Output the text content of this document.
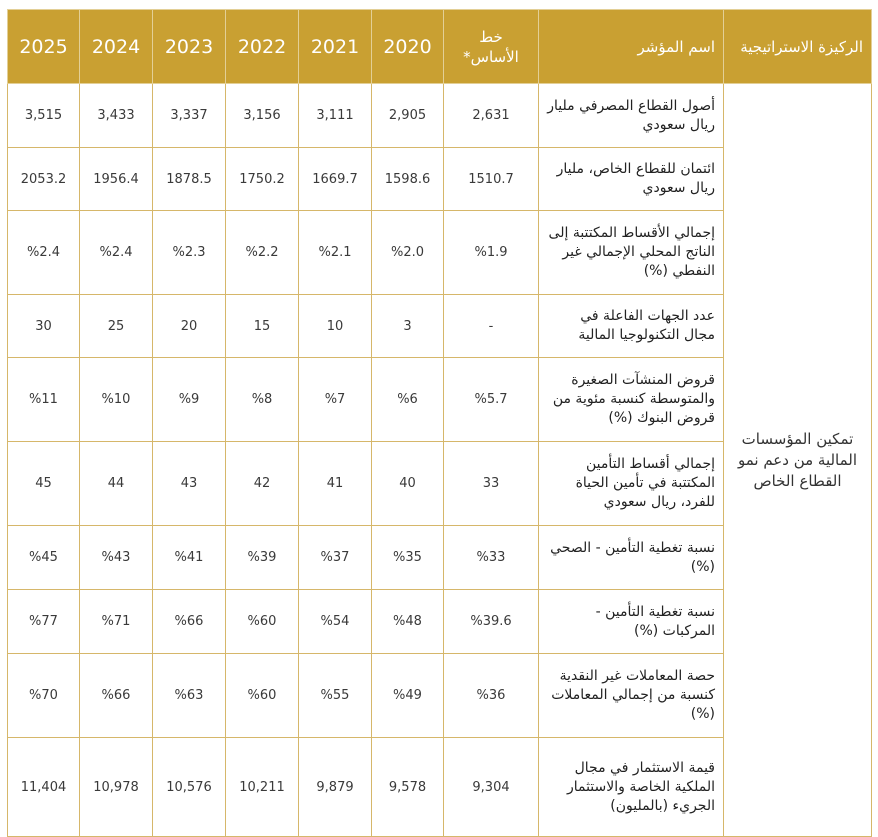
الركيزة الاستراتيجية	اسم المؤشر	خط الأساس*	2020	2021	2022	2023	2024	2025
تمكين المؤسسات المالية من دعم نمو القطاع الخاص	أصول القطاع المصرفي مليار ريال سعودي	2,631	2,905	3,111	3,156	3,337	3,433	3,515
	ائتمان للقطاع الخاص، مليار ريال سعودي	1510.7	1598.6	1669.7	1750.2	1878.5	1956.4	2053.2
	إجمالي الأقساط المكتتبة إلى الناتج المحلي الإجمالي غير النفطي (%)	%1.9	%2.0	%2.1	%2.2	%2.3	%2.4	%2.4
	عدد الجهات الفاعلة في مجال التكنولوجيا المالية	-	3	10	15	20	25	30
	قروض المنشآت الصغيرة والمتوسطة كنسبة مئوية من قروض البنوك (%)	%5.7	%6	%7	%8	%9	%10	%11
	إجمالي أقساط التأمين المكتتبة في تأمين الحياة للفرد، ريال سعودي	33	40	41	42	43	44	45
	نسبة تغطية التأمين - الصحي (%)	%33	%35	%37	%39	%41	%43	%45
	نسبة تغطية التأمين - المركبات (%)	%39.6	%48	%54	%60	%66	%71	%77
	حصة المعاملات غير النقدية كنسبة من إجمالي المعاملات (%)	%36	%49	%55	%60	%63	%66	%70
	قيمة الاستثمار في مجال الملكية الخاصة والاستثمار الجريء (بالمليون)	9,304	9,578	9,879	10,211	10,576	10,978	11,404
